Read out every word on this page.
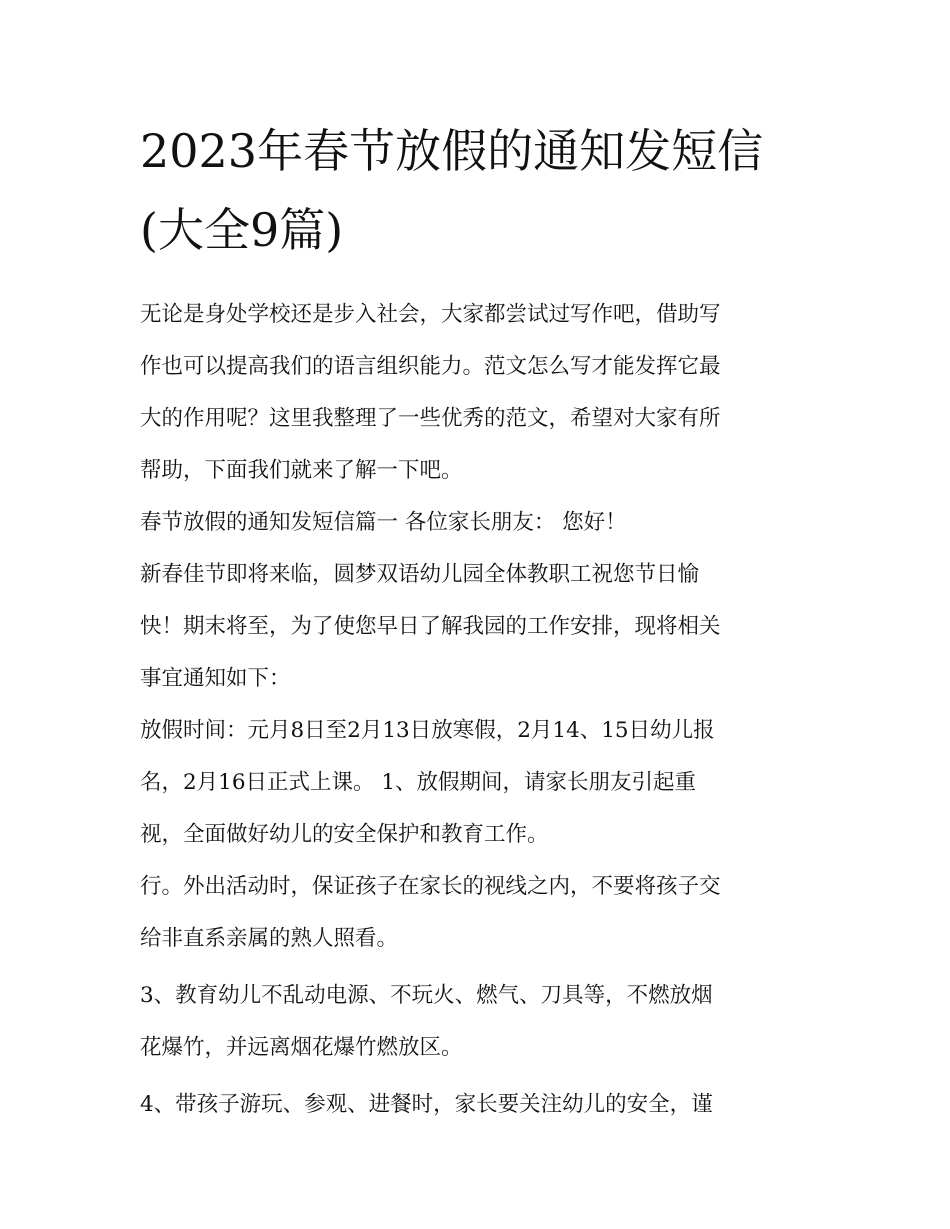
2023年春节放假的通知发短信
(大全9篇)

无论是身处学校还是步入社会，大家都尝试过写作吧，借助写
作也可以提高我们的语言组织能力。范文怎么写才能发挥它最
大的作用呢？这里我整理了一些优秀的范文，希望对大家有所
帮助，下面我们就来了解一下吧。

春节放假的通知发短信篇一 各位家长朋友： 您好！

新春佳节即将来临，圆梦双语幼儿园全体教职工祝您节日愉
快！期末将至，为了使您早日了解我园的工作安排，现将相关
事宜通知如下：

放假时间：元月8日至2月13日放寒假，2月14、15日幼儿报
名，2月16日正式上课。 1、放假期间，请家长朋友引起重
视，全面做好幼儿的安全保护和教育工作。

行。外出活动时，保证孩子在家长的视线之内，不要将孩子交
给非直系亲属的熟人照看。

3、教育幼儿不乱动电源、不玩火、燃气、刀具等，不燃放烟
花爆竹，并远离烟花爆竹燃放区。

4、带孩子游玩、参观、进餐时，家长要关注幼儿的安全，谨
